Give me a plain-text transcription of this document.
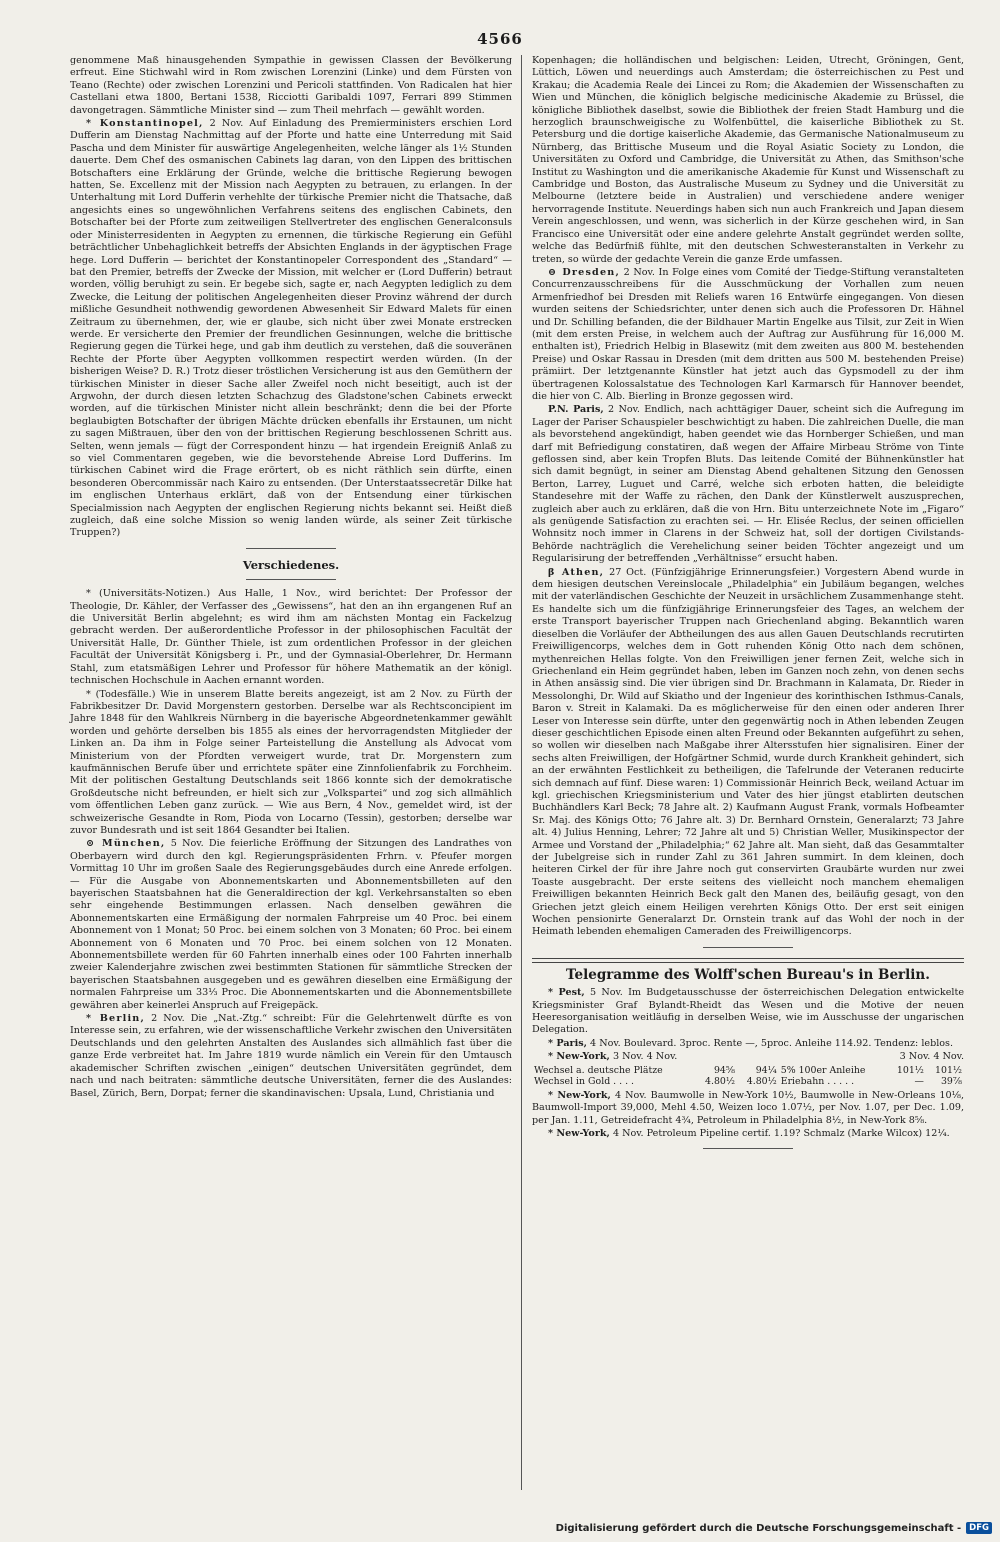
4566

genommene Maß hinausgehenden Sympathie in gewissen Classen der Bevölkerung erfreut. Eine Stichwahl wird in Rom zwischen Lorenzini (Linke) und dem Fürsten von Teano (Rechte) oder zwischen Lorenzini und Pericoli stattfinden. Von Radicalen hat hier Castellani etwa 1800, Bertani 1538, Ricciotti Garibaldi 1097, Ferrari 899 Stimmen davongetragen. Sämmtliche Minister sind — zum Theil mehrfach — gewählt worden.

* Konstantinopel, 2 Nov. Auf Einladung des Premierministers erschien Lord Dufferin am Dienstag Nachmittag auf der Pforte und hatte eine Unterredung mit Said Pascha und dem Minister für auswärtige Angelegenheiten, welche länger als 1½ Stunden dauerte. Dem Chef des osmanischen Cabinets lag daran, von den Lippen des brittischen Botschafters eine Erklärung der Gründe, welche die brittische Regierung bewogen hatten, Se. Excellenz mit der Mission nach Aegypten zu betrauen, zu erlangen. In der Unterhaltung mit Lord Dufferin verhehlte der türkische Premier nicht die Thatsache, daß angesichts eines so ungewöhnlichen Verfahrens seitens des englischen Cabinets, den Botschafter bei der Pforte zum zeitweiligen Stellvertreter des englischen Generalconsuls oder Ministerresidenten in Aegypten zu ernennen, die türkische Regierung ein Gefühl beträchtlicher Unbehaglichkeit betreffs der Absichten Englands in der ägyptischen Frage hege. Lord Dufferin — berichtet der Konstantinopeler Correspondent des „Standard“ — bat den Premier, betreffs der Zwecke der Mission, mit welcher er (Lord Dufferin) betraut worden, völlig beruhigt zu sein. Er begebe sich, sagte er, nach Aegypten lediglich zu dem Zwecke, die Leitung der politischen Angelegenheiten dieser Provinz während der durch mißliche Gesundheit nothwendig gewordenen Abwesenheit Sir Edward Malets für einen Zeitraum zu übernehmen, der, wie er glaube, sich nicht über zwei Monate erstrecken werde. Er versicherte den Premier der freundlichen Gesinnungen, welche die brittische Regierung gegen die Türkei hege, und gab ihm deutlich zu verstehen, daß die souveränen Rechte der Pforte über Aegypten vollkommen respectirt werden würden. (In der bisherigen Weise? D. R.) Trotz dieser tröstlichen Versicherung ist aus den Gemüthern der türkischen Minister in dieser Sache aller Zweifel noch nicht beseitigt, auch ist der Argwohn, der durch diesen letzten Schachzug des Gladstone'schen Cabinets erweckt worden, auf die türkischen Minister nicht allein beschränkt; denn die bei der Pforte beglaubigten Botschafter der übrigen Mächte drücken ebenfalls ihr Erstaunen, um nicht zu sagen Mißtrauen, über den von der brittischen Regierung beschlossenen Schritt aus. Selten, wenn jemals — fügt der Correspondent hinzu — hat irgendein Ereigniß Anlaß zu so viel Commentaren gegeben, wie die bevorstehende Abreise Lord Dufferins. Im türkischen Cabinet wird die Frage erörtert, ob es nicht räthlich sein dürfte, einen besonderen Obercommissär nach Kairo zu entsenden. (Der Unterstaatssecretär Dilke hat im englischen Unterhaus erklärt, daß von der Entsendung einer türkischen Specialmission nach Aegypten der englischen Regierung nichts bekannt sei. Heißt dieß zugleich, daß eine solche Mission so wenig landen würde, als seiner Zeit türkische Truppen?)

Verschiedenes.

* (Universitäts-Notizen.) Aus Halle, 1 Nov., wird berichtet: Der Professor der Theologie, Dr. Kähler, der Verfasser des „Gewissens“, hat den an ihn ergangenen Ruf an die Universität Berlin abgelehnt; es wird ihm am nächsten Montag ein Fackelzug gebracht werden. Der außerordentliche Professor in der philosophischen Facultät der Universität Halle, Dr. Günther Thiele, ist zum ordentlichen Professor in der gleichen Facultät der Universität Königsberg i. Pr., und der Gymnasial-Oberlehrer, Dr. Hermann Stahl, zum etatsmäßigen Lehrer und Professor für höhere Mathematik an der königl. technischen Hochschule in Aachen ernannt worden.

* (Todesfälle.) Wie in unserem Blatte bereits angezeigt, ist am 2 Nov. zu Fürth der Fabrikbesitzer Dr. David Morgenstern gestorben. Derselbe war als Rechtsconcipient im Jahre 1848 für den Wahlkreis Nürnberg in die bayerische Abgeordnetenkammer gewählt worden und gehörte derselben bis 1855 als eines der hervorragendsten Mitglieder der Linken an. Da ihm in Folge seiner Parteistellung die Anstellung als Advocat vom Ministerium von der Pfordten verweigert wurde, trat Dr. Morgenstern zum kaufmännischen Berufe über und errichtete später eine Zinnfolienfabrik zu Forchheim. Mit der politischen Gestaltung Deutschlands seit 1866 konnte sich der demokratische Großdeutsche nicht befreunden, er hielt sich zur „Volkspartei“ und zog sich allmählich vom öffentlichen Leben ganz zurück. — Wie aus Bern, 4 Nov., gemeldet wird, ist der schweizerische Gesandte in Rom, Pioda von Locarno (Tessin), gestorben; derselbe war zuvor Bundesrath und ist seit 1864 Gesandter bei Italien.

⊙ München, 5 Nov. Die feierliche Eröffnung der Sitzungen des Landrathes von Oberbayern wird durch den kgl. Regierungspräsidenten Frhrn. v. Pfeufer morgen Vormittag 10 Uhr im großen Saale des Regierungsgebäudes durch eine Anrede erfolgen. — Für die Ausgabe von Abonnementskarten und Abonnementsbilleten auf den bayerischen Staatsbahnen hat die Generaldirection der kgl. Verkehrsanstalten so eben sehr eingehende Bestimmungen erlassen. Nach denselben gewähren die Abonnementskarten eine Ermäßigung der normalen Fahrpreise um 40 Proc. bei einem Abonnement von 1 Monat; 50 Proc. bei einem solchen von 3 Monaten; 60 Proc. bei einem Abonnement von 6 Monaten und 70 Proc. bei einem solchen von 12 Monaten. Abonnementsbillete werden für 60 Fahrten innerhalb eines oder 100 Fahrten innerhalb zweier Kalenderjahre zwischen zwei bestimmten Stationen für sämmtliche Strecken der bayerischen Staatsbahnen ausgegeben und es gewähren dieselben eine Ermäßigung der normalen Fahrpreise um 33⅓ Proc. Die Abonnementskarten und die Abonnementsbillete gewähren aber keinerlei Anspruch auf Freigepäck.

* Berlin, 2 Nov. Die „Nat.-Ztg.“ schreibt: Für die Gelehrtenwelt dürfte es von Interesse sein, zu erfahren, wie der wissenschaftliche Verkehr zwischen den Universitäten Deutschlands und den gelehrten Anstalten des Auslandes sich allmählich fast über die ganze Erde verbreitet hat. Im Jahre 1819 wurde nämlich ein Verein für den Umtausch akademischer Schriften zwischen „einigen“ deutschen Universitäten gegründet, dem nach und nach beitraten: sämmtliche deutsche Universitäten, ferner die des Auslandes: Basel, Zürich, Bern, Dorpat; ferner die skandinavischen: Upsala, Lund, Christiania und

Kopenhagen; die holländischen und belgischen: Leiden, Utrecht, Gröningen, Gent, Lüttich, Löwen und neuerdings auch Amsterdam; die österreichischen zu Pest und Krakau; die Academia Reale dei Lincei zu Rom; die Akademien der Wissenschaften zu Wien und München, die königlich belgische medicinische Akademie zu Brüssel, die königliche Bibliothek daselbst, sowie die Bibliothek der freien Stadt Hamburg und die herzoglich braunschweigische zu Wolfenbüttel, die kaiserliche Bibliothek zu St. Petersburg und die dortige kaiserliche Akademie, das Germanische Nationalmuseum zu Nürnberg, das Brittische Museum und die Royal Asiatic Society zu London, die Universitäten zu Oxford und Cambridge, die Universität zu Athen, das Smithson'sche Institut zu Washington und die amerikanische Akademie für Kunst und Wissenschaft zu Cambridge und Boston, das Australische Museum zu Sydney und die Universität zu Melbourne (letztere beide in Australien) und verschiedene andere weniger hervorragende Institute. Neuerdings haben sich nun auch Frankreich und Japan diesem Verein angeschlossen, und wenn, was sicherlich in der Kürze geschehen wird, in San Francisco eine Universität oder eine andere gelehrte Anstalt gegründet werden sollte, welche das Bedürfniß fühlte, mit den deutschen Schwesteranstalten in Verkehr zu treten, so würde der gedachte Verein die ganze Erde umfassen.

⊖ Dresden, 2 Nov. In Folge eines vom Comité der Tiedge-Stiftung veranstalteten Concurrenzausschreibens für die Ausschmückung der Vorhallen zum neuen Armenfriedhof bei Dresden mit Reliefs waren 16 Entwürfe eingegangen. Von diesen wurden seitens der Schiedsrichter, unter denen sich auch die Professoren Dr. Hähnel und Dr. Schilling befanden, die der Bildhauer Martin Engelke aus Tilsit, zur Zeit in Wien (mit dem ersten Preise, in welchem auch der Auftrag zur Ausführung für 16,000 M. enthalten ist), Friedrich Helbig in Blasewitz (mit dem zweiten aus 800 M. bestehenden Preise) und Oskar Rassau in Dresden (mit dem dritten aus 500 M. bestehenden Preise) prämiirt. Der letztgenannte Künstler hat jetzt auch das Gypsmodell zu der ihm übertragenen Kolossalstatue des Technologen Karl Karmarsch für Hannover beendet, die hier von C. Alb. Bierling in Bronze gegossen wird.

P.N. Paris, 2 Nov. Endlich, nach achttägiger Dauer, scheint sich die Aufregung im Lager der Pariser Schauspieler beschwichtigt zu haben. Die zahlreichen Duelle, die man als bevorstehend angekündigt, haben geendet wie das Hornberger Schießen, und man darf mit Befriedigung constatiren, daß wegen der Affaire Mirbeau Ströme von Tinte geflossen sind, aber kein Tropfen Bluts. Das leitende Comité der Bühnenkünstler hat sich damit begnügt, in seiner am Dienstag Abend gehaltenen Sitzung den Genossen Berton, Larrey, Luguet und Carré, welche sich erboten hatten, die beleidigte Standesehre mit der Waffe zu rächen, den Dank der Künstlerwelt auszusprechen, zugleich aber auch zu erklären, daß die von Hrn. Bitu unterzeichnete Note im „Figaro“ als genügende Satisfaction zu erachten sei. — Hr. Elisée Reclus, der seinen officiellen Wohnsitz noch immer in Clarens in der Schweiz hat, soll der dortigen Civilstands-Behörde nachträglich die Verehelichung seiner beiden Töchter angezeigt und um Regularisirung der betreffenden „Verhältnisse“ ersucht haben.

β Athen, 27 Oct. (Fünfzigjährige Erinnerungsfeier.) Vorgestern Abend wurde in dem hiesigen deutschen Vereinslocale „Philadelphia“ ein Jubiläum begangen, welches mit der vaterländischen Geschichte der Neuzeit in ursächlichem Zusammenhange steht. Es handelte sich um die fünfzigjährige Erinnerungsfeier des Tages, an welchem der erste Transport bayerischer Truppen nach Griechenland abging. Bekanntlich waren dieselben die Vorläufer der Abtheilungen des aus allen Gauen Deutschlands recrutirten Freiwilligencorps, welches dem in Gott ruhenden König Otto nach dem schönen, mythenreichen Hellas folgte. Von den Freiwilligen jener fernen Zeit, welche sich in Griechenland ein Heim gegründet haben, leben im Ganzen noch zehn, von denen sechs in Athen ansässig sind. Die vier übrigen sind Dr. Brachmann in Kalamata, Dr. Rieder in Messolonghi, Dr. Wild auf Skiatho und der Ingenieur des korinthischen Isthmus-Canals, Baron v. Streit in Kalamaki. Da es möglicherweise für den einen oder anderen Ihrer Leser von Interesse sein dürfte, unter den gegenwärtig noch in Athen lebenden Zeugen dieser geschichtlichen Episode einen alten Freund oder Bekannten aufgeführt zu sehen, so wollen wir dieselben nach Maßgabe ihrer Altersstufen hier signalisiren. Einer der sechs alten Freiwilligen, der Hofgärtner Schmid, wurde durch Krankheit gehindert, sich an der erwähnten Festlichkeit zu betheiligen, die Tafelrunde der Veteranen reducirte sich demnach auf fünf. Diese waren: 1) Commissionär Heinrich Beck, weiland Actuar im kgl. griechischen Kriegsministerium und Vater des hier jüngst etablirten deutschen Buchhändlers Karl Beck; 78 Jahre alt. 2) Kaufmann August Frank, vormals Hofbeamter Sr. Maj. des Königs Otto; 76 Jahre alt. 3) Dr. Bernhard Ornstein, Generalarzt; 73 Jahre alt. 4) Julius Henning, Lehrer; 72 Jahre alt und 5) Christian Weller, Musikinspector der Armee und Vorstand der „Philadelphia;“ 62 Jahre alt. Man sieht, daß das Gesammtalter der Jubelgreise sich in runder Zahl zu 361 Jahren summirt. In dem kleinen, doch heiteren Cirkel der für ihre Jahre noch gut conservirten Graubärte wurden nur zwei Toaste ausgebracht. Der erste seitens des vielleicht noch manchem ehemaligen Freiwilligen bekannten Heinrich Beck galt den Manen des, beiläufig gesagt, von den Griechen jetzt gleich einem Heiligen verehrten Königs Otto. Der erst seit einigen Wochen pensionirte Generalarzt Dr. Ornstein trank auf das Wohl der noch in der Heimath lebenden ehemaligen Cameraden des Freiwilligencorps.

Telegramme des Wolff'schen Bureau's in Berlin.

* Pest, 5 Nov. Im Budgetausschusse der österreichischen Delegation entwickelte Kriegsminister Graf Bylandt-Rheidt das Wesen und die Motive der neuen Heeresorganisation weitläufig in derselben Weise, wie im Ausschusse der ungarischen Delegation.

* Paris, 4 Nov. Boulevard. 3proc. Rente —, 5proc. Anleihe 114.92. Tendenz: leblos.

* New-York, 3 Nov. 4 Nov.	3 Nov. 4 Nov.

Wechsel a. deutsche Plätze	94⅝	94¼	5% 100er Anleihe	101½	101½
Wechsel in Gold . . . .	4.80½	4.80½	Eriebahn . . . . .	—	39⅞

* New-York, 4 Nov. Baumwolle in New-York 10½, Baumwolle in New-Orleans 10⅛, Baumwoll-Import 39,000, Mehl 4.50, Weizen loco 1.07½, per Nov. 1.07, per Dec. 1.09, per Jan. 1.11, Getreidefracht 4¾, Petroleum in Philadelphia 8½, in New-York 8⅝.

* New-York, 4 Nov. Petroleum Pipeline certif. 1.19? Schmalz (Marke Wilcox) 12¼.

Digitalisierung gefördert durch die Deutsche Forschungsgemeinschaft - DFG
